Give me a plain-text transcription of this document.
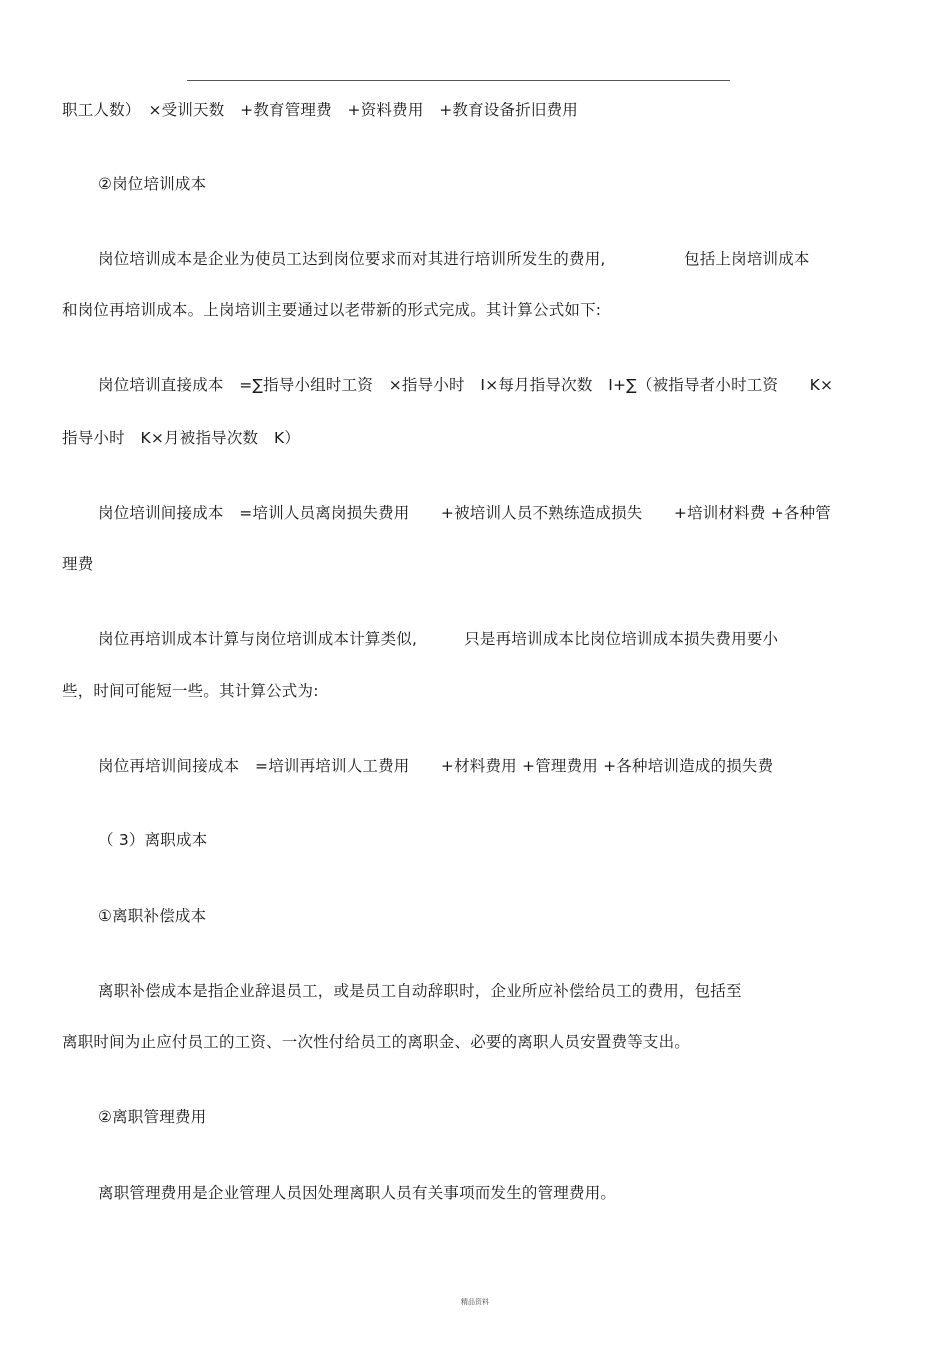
职工人数）　×受训天数　+教育管理费　+资料费用　+教育设备折旧费用
②岗位培训成本
岗位培训成本是企业为使员工达到岗位要求而对其进行培训所发生的费用,　　　　　包括上岗培训成本
和岗位再培训成本。上岗培训主要通过以老带新的形式完成。其计算公式如下:
岗位培训直接成本　=∑指导小组时工资　×指导小时　I×每月指导次数　I+∑（被指导者小时工资　　K×
指导小时　K×月被指导次数　K）
岗位培训间接成本　=培训人员离岗损失费用　　+被培训人员不熟练造成损失　　+培训材料费 +各种管
理费
岗位再培训成本计算与岗位培训成本计算类似,　　　只是再培训成本比岗位培训成本损失费用要小
些，时间可能短一些。其计算公式为:
岗位再培训间接成本　=培训再培训人工费用　　+材料费用 +管理费用 +各种培训造成的损失费
（ 3）离职成本
①离职补偿成本
离职补偿成本是指企业辞退员工，或是员工自动辞职时，企业所应补偿给员工的费用，包括至
离职时间为止应付员工的工资、一次性付给员工的离职金、必要的离职人员安置费等支出。
②离职管理费用
离职管理费用是企业管理人员因处理离职人员有关事项而发生的管理费用。
精品资料
